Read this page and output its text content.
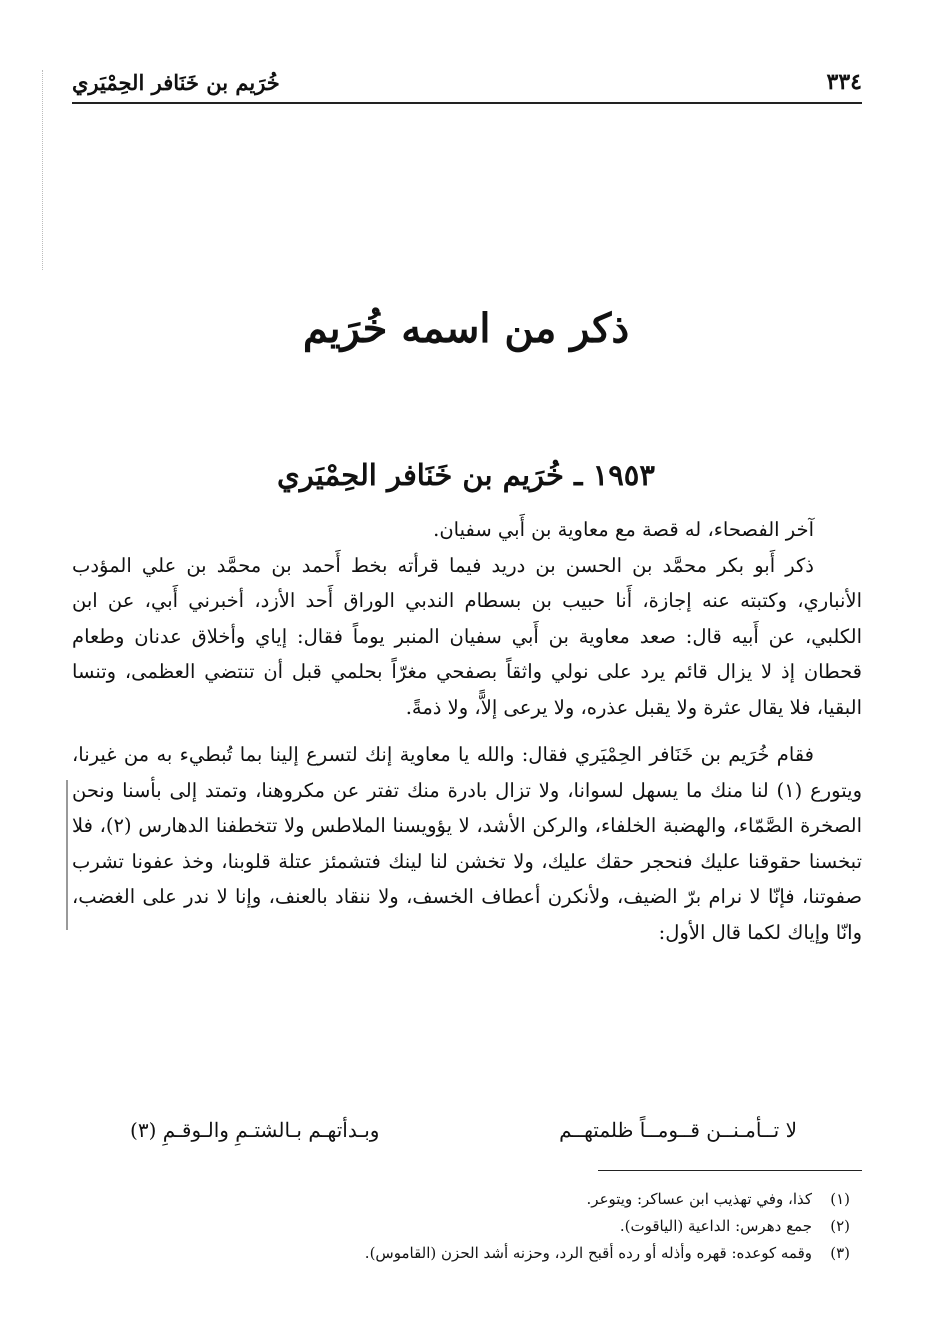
٣٣٤
خُرَيم بن خَنَافر الحِمْيَري
ذكر من اسمه خُرَيم
١٩٥٣ ـ خُرَيم بن خَنَافر الحِمْيَري

آخر الفصحاء، له قصة مع معاوية بن أَبي سفيان.

ذكر أَبو بكر محمَّد بن الحسن بن دريد فيما قرأته بخط أَحمد بن محمَّد بن علي المؤدب الأنباري، وكتبته عنه إجازة، أَنا حبيب بن بسطام الندبي الوراق أَحد الأزد، أخبرني أَبي، عن ابن الكلبي، عن أَبيه قال: صعد معاوية بن أَبي سفيان المنبر يوماً فقال: إياي وأخلاق عدنان وطعام قحطان إذ لا يزال قائم يرد على نولي واثقاً بصفحي مغرّاً بحلمي قبل أن تنتضي العظمى، وتنسا البقيا، فلا يقال عثرة ولا يقبل عذره، ولا يرعى إلاًّ، ولا ذمةً.

فقام خُرَيم بن خَنَافر الحِمْيَري فقال: والله يا معاوية إنك لتسرع إلينا بما تُبطيء به من غيرنا، ويتورع (١) لنا منك ما يسهل لسوانا، ولا تزال بادرة منك تفتر عن مكروهنا، وتمتد إلى بأسنا ونحن الصخرة الصَّمّاء، والهضبة الخلفاء، والركن الأشد، لا يؤويسنا الملاطس ولا تتخطفنا الدهارس (٢)، فلا تبخسنا حقوقنا عليك فنحجر حقك عليك، ولا تخشن لنا لينك فتشمئز عتلة قلوبنا، وخذ عفونا تشرب صفوتنا، فإنّا لا نرام برّ الضيف، ولأنكرن أعطاف الخسف، ولا ننقاد بالعنف، وإنا لا ندر على الغضب، وانّا وإياك لكما قال الأول:

لا تــأمـنــن قــومــاً ظلمتهــم
وبـدأتهـم بـالشتـمِ والـوقـمِ (٣)
(١)
كذا، وفي تهذيب ابن عساكر: ويتوعر.
(٢)
جمع دهرس: الداعية (الياقوت).
(٣)
وقمه كوعده: قهره وأذله أو رده أقبح الرد، وحزنه أشد الحزن (القاموس).
